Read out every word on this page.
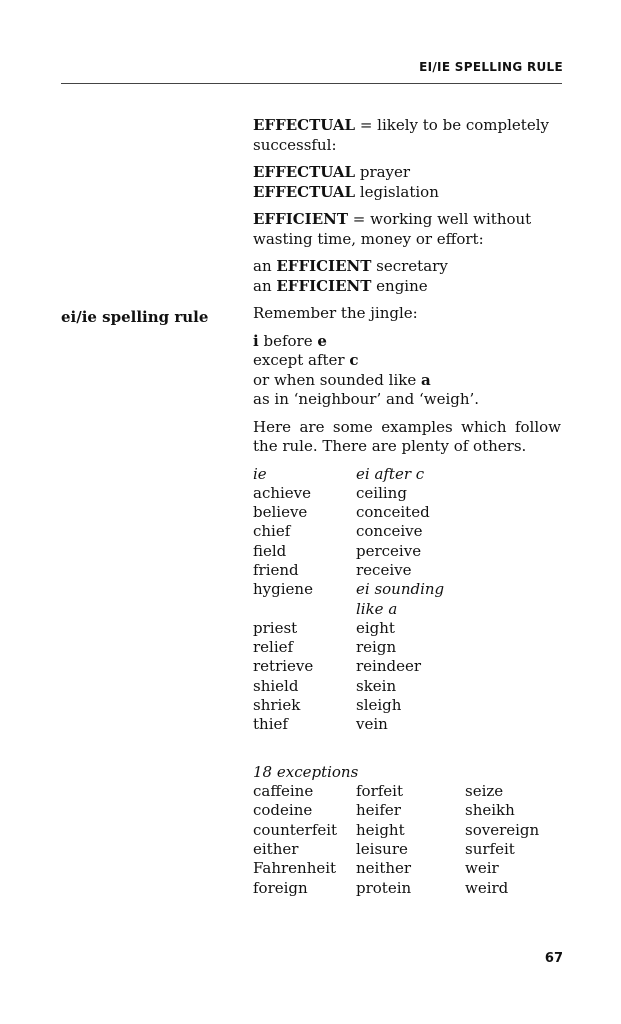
EI/IE SPELLING RULE
ei/ie spelling rule

EFFECTUAL = likely to be completely successful:

EFFECTUAL prayer
EFFECTUAL legislation

EFFICIENT = working well without wasting time, money or effort:

an EFFICIENT secretary
an EFFICIENT engine

Remember the jingle:

i before e
except after c
or when sounded like a
as in ‘neighbour’ and ‘weigh’.

Here are some examples which follow the rule. There are plenty of others.

ie	ei after c
achieve	ceiling
believe	conceited
chief	conceive
field	perceive
friend	receive
hygiene	ei sounding like a
priest	eight
relief	reign
retrieve	reindeer
shield	skein
shriek	sleigh
thief	vein
18 exceptions
caffeine	forfeit	seize
codeine	heifer	sheikh
counterfeit	height	sovereign
either	leisure	surfeit
Fahrenheit	neither	weir
foreign	protein	weird
67
